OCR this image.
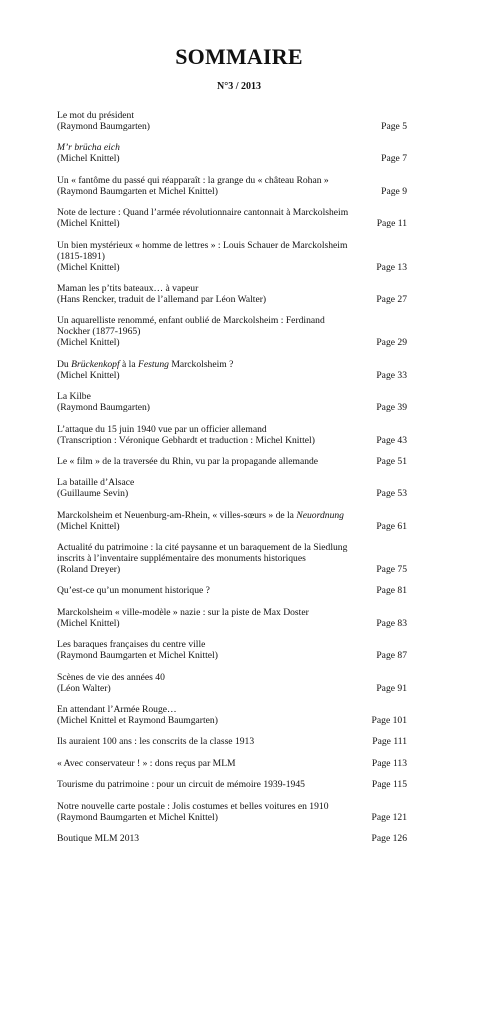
SOMMAIRE
N°3 / 2013
Le mot du président
(Raymond Baumgarten)	Page 5
M’r brücha eich
(Michel Knittel)	Page 7
Un « fantôme du passé qui réapparaît : la grange du « château Rohan »
(Raymond Baumgarten et Michel Knittel)	Page 9
Note de lecture : Quand l’armée révolutionnaire cantonnait à Marckolsheim
(Michel Knittel)	Page 11
Un bien mystérieux « homme de lettres » : Louis Schauer de Marckolsheim
(1815-1891)
(Michel Knittel)	Page 13
Maman les p’tits bateaux… à vapeur
(Hans Rencker, traduit de l’allemand par Léon Walter)	Page 27
Un aquarelliste renommé, enfant oublié de Marckolsheim : Ferdinand
Nockher (1877-1965)
(Michel Knittel)	Page 29
Du Brückenkopf à la Festung Marckolsheim ?
(Michel Knittel)	Page 33
La Kilbe
(Raymond Baumgarten)	Page 39
L’attaque du 15 juin 1940 vue par un officier allemand
(Transcription : Véronique Gebhardt et traduction : Michel Knittel)	Page 43
Le « film » de la traversée du Rhin, vu par la propagande allemande	Page 51
La bataille d’Alsace
(Guillaume Sevin)	Page 53
Marckolsheim et Neuenburg-am-Rhein, « villes-sœurs » de la Neuordnung
(Michel Knittel)	Page 61
Actualité du patrimoine : la cité paysanne et un baraquement de la Siedlung
inscrits à l’inventaire supplémentaire des monuments historiques
(Roland Dreyer)	Page 75
Qu’est-ce qu’un monument historique ?	Page 81
Marckolsheim « ville-modèle » nazie : sur la piste de Max Doster
(Michel Knittel)	Page 83
Les baraques françaises du centre ville
(Raymond Baumgarten et Michel Knittel)	Page 87
Scènes de vie des années 40
(Léon Walter)	Page 91
En attendant l’Armée Rouge…
(Michel Knittel et Raymond Baumgarten)	Page 101
Ils auraient 100 ans : les conscrits de la classe 1913	Page 111
« Avec conservateur ! » : dons reçus par MLM	Page 113
Tourisme du patrimoine : pour un circuit de mémoire 1939-1945	Page 115
Notre nouvelle carte postale : Jolis costumes et belles voitures en 1910
(Raymond Baumgarten et Michel Knittel)	Page 121
Boutique MLM 2013	Page 126
